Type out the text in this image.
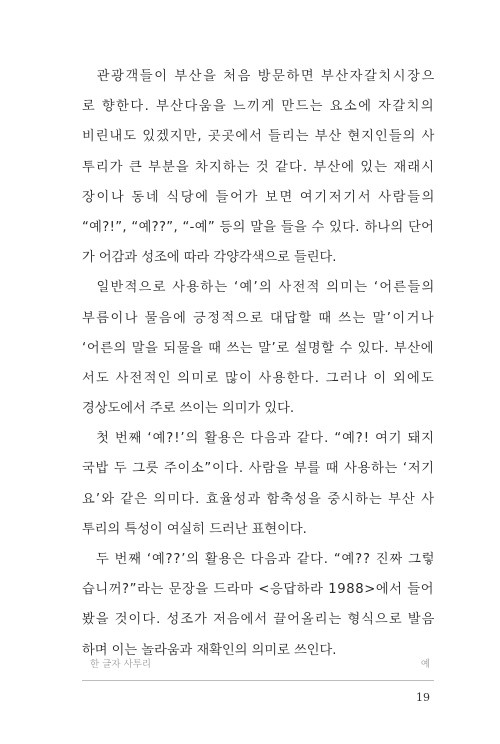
　관광객들이 부산을 처음 방문하면 부산자갈치시장으
로 향한다. 부산다움을 느끼게 만드는 요소에 자갈치의
비린내도 있겠지만, 곳곳에서 들리는 부산 현지인들의 사
투리가 큰 부분을 차지하는 것 같다. 부산에 있는 재래시
장이나 동네 식당에 들어가 보면 여기저기서 사람들의
“예?!”, “예??”, “-예” 등의 말을 들을 수 있다. 하나의 단어
가 어감과 성조에 따라 각양각색으로 들린다.
　일반적으로 사용하는 ‘예’의 사전적 의미는 ‘어른들의
부름이나 물음에 긍정적으로 대답할 때 쓰는 말’이거나
‘어른의 말을 되물을 때 쓰는 말’로 설명할 수 있다. 부산에
서도 사전적인 의미로 많이 사용한다. 그러나 이 외에도
경상도에서 주로 쓰이는 의미가 있다.
　첫 번째 ‘예?!’의 활용은 다음과 같다. “예?! 여기 돼지
국밥 두 그릇 주이소”이다. 사람을 부를 때 사용하는 ‘저기
요’와 같은 의미다. 효율성과 함축성을 중시하는 부산 사
투리의 특성이 여실히 드러난 표현이다.
　두 번째 ‘예??’의 활용은 다음과 같다. “예?? 진짜 그렇
습니꺼?”라는 문장을 드라마 <응답하라 1988>에서 들어
봤을 것이다. 성조가 저음에서 끌어올리는 형식으로 발음
하며 이는 놀라움과 재확인의 의미로 쓰인다.
한 글자 사투리	예
19
